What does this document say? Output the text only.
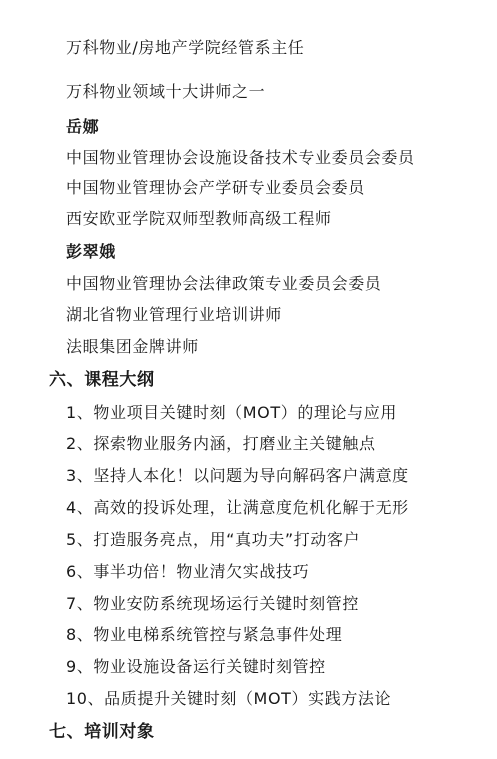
万科物业/房地产学院经管系主任
万科物业领域十大讲师之一
岳娜
中国物业管理协会设施设备技术专业委员会委员
中国物业管理协会产学研专业委员会委员
西安欧亚学院双师型教师高级工程师
彭翠娥
中国物业管理协会法律政策专业委员会委员
湖北省物业管理行业培训讲师
法眼集团金牌讲师
六、课程大纲
1、物业项目关键时刻（MOT）的理论与应用
2、探索物业服务内涵，打磨业主关键触点
3、坚持人本化！以问题为导向解码客户满意度
4、高效的投诉处理，让满意度危机化解于无形
5、打造服务亮点，用“真功夫”打动客户
6、事半功倍！物业清欠实战技巧
7、物业安防系统现场运行关键时刻管控
8、物业电梯系统管控与紧急事件处理
9、物业设施设备运行关键时刻管控
10、品质提升关键时刻（MOT）实践方法论
七、培训对象
